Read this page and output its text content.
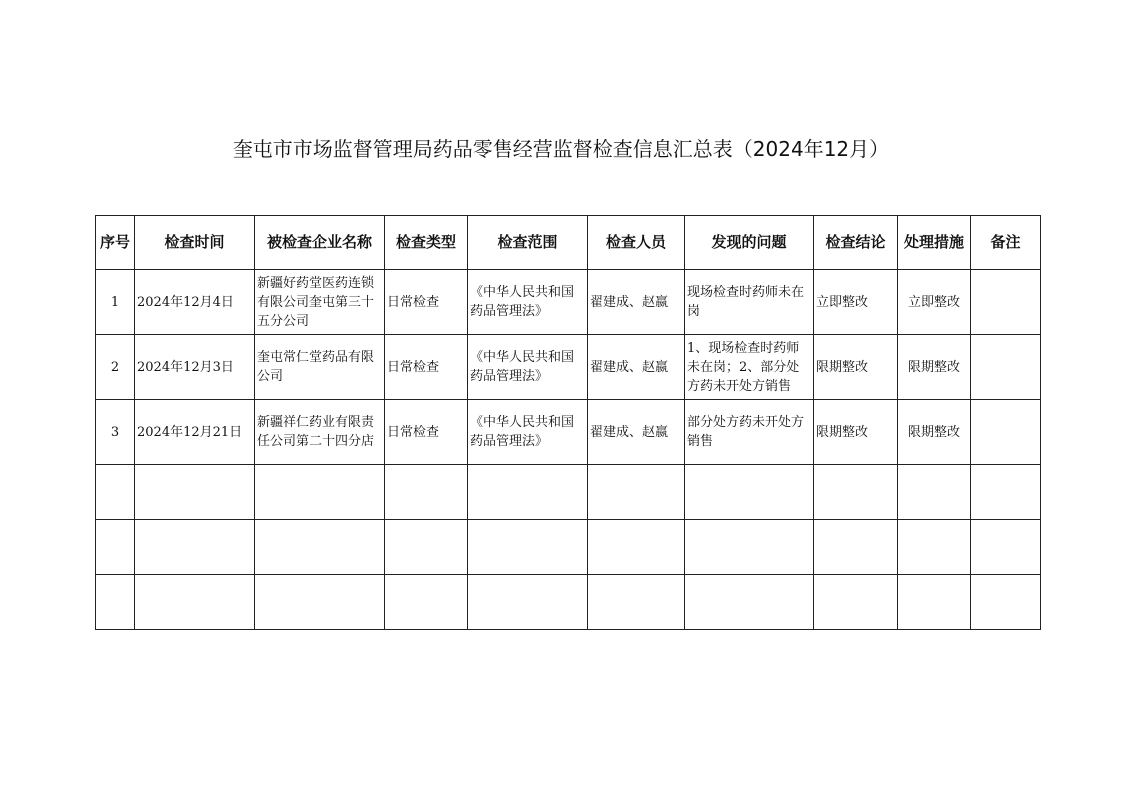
奎屯市市场监督管理局药品零售经营监督检查信息汇总表（2024年12月）
序号	检查时间	被检查企业名称	检查类型	检查范围	检查人员	发现的问题	检查结论	处理措施	备注
1	2024年12月4日	新疆好药堂医药连锁有限公司奎屯第三十五分公司	日常检查	《中华人民共和国药品管理法》	翟建成、赵嬴	现场检查时药师未在岗	立即整改	立即整改	
2	2024年12月3日	奎屯常仁堂药品有限公司	日常检查	《中华人民共和国药品管理法》	翟建成、赵嬴	1、现场检查时药师未在岗；2、部分处方药未开处方销售	限期整改	限期整改	
3	2024年12月21日	新疆祥仁药业有限责任公司第二十四分店	日常检查	《中华人民共和国药品管理法》	翟建成、赵嬴	部分处方药未开处方销售	限期整改	限期整改	
